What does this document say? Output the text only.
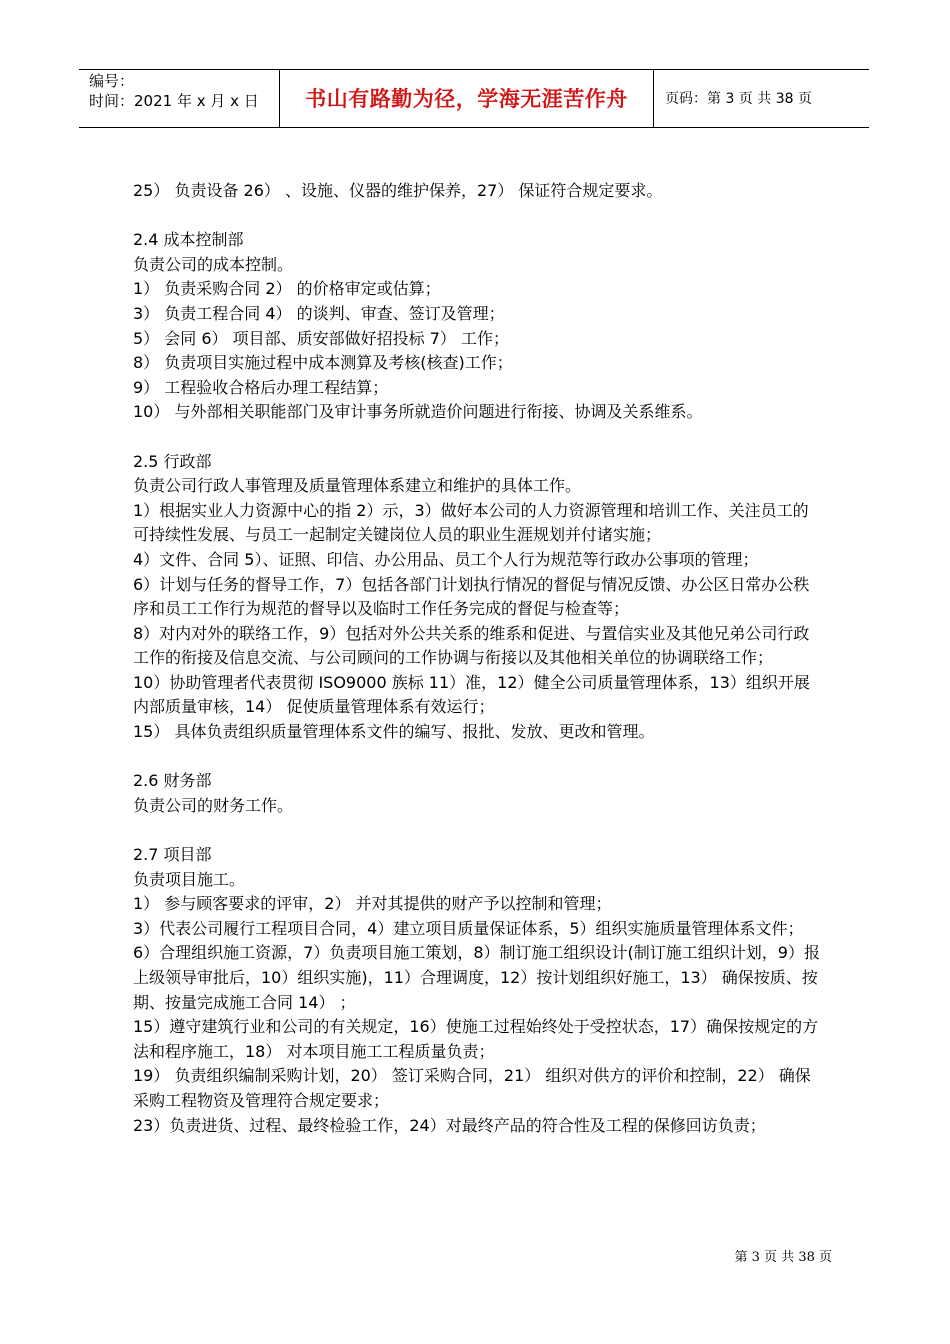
编号：
时间：2021 年 x 月 x 日	书山有路勤为径，学海无涯苦作舟	页码：第 3 页 共 38 页

25） 负责设备 26） 、设施、仪器的维护保养，27） 保证符合规定要求。

2.4 成本控制部

负责公司的成本控制。

1） 负责采购合同 2） 的价格审定或估算；

3） 负责工程合同 4） 的谈判、审查、签订及管理；

5） 会同 6） 项目部、质安部做好招投标 7） 工作；

8） 负责项目实施过程中成本测算及考核(核查)工作；

9） 工程验收合格后办理工程结算；

10） 与外部相关职能部门及审计事务所就造价问题进行衔接、协调及关系维系。

2.5 行政部

负责公司行政人事管理及质量管理体系建立和维护的具体工作。

1）根据实业人力资源中心的指 2）示，3）做好本公司的人力资源管理和培训工作、关注员工的可持续性发展、与员工一起制定关键岗位人员的职业生涯规划并付诸实施；

4）文件、合同 5）、证照、印信、办公用品、员工个人行为规范等行政办公事项的管理；

6）计划与任务的督导工作，7）包括各部门计划执行情况的督促与情况反馈、办公区日常办公秩序和员工工作行为规范的督导以及临时工作任务完成的督促与检查等；

8）对内对外的联络工作，9）包括对外公共关系的维系和促进、与置信实业及其他兄弟公司行政工作的衔接及信息交流、与公司顾问的工作协调与衔接以及其他相关单位的协调联络工作；

10）协助管理者代表贯彻 ISO9000 族标 11）准，12）健全公司质量管理体系，13）组织开展内部质量审核，14） 促使质量管理体系有效运行；

15） 具体负责组织质量管理体系文件的编写、报批、发放、更改和管理。

2.6 财务部

负责公司的财务工作。

2.7 项目部

负责项目施工。

1） 参与顾客要求的评审，2） 并对其提供的财产予以控制和管理；

3）代表公司履行工程项目合同，4）建立项目质量保证体系，5）组织实施质量管理体系文件；

6）合理组织施工资源，7）负责项目施工策划，8）制订施工组织设计(制订施工组织计划，9）报上级领导审批后，10）组织实施)，11）合理调度，12）按计划组织好施工，13） 确保按质、按期、按量完成施工合同 14） ；

15）遵守建筑行业和公司的有关规定，16）使施工过程始终处于受控状态，17）确保按规定的方法和程序施工，18） 对本项目施工工程质量负责；

19） 负责组织编制采购计划，20） 签订采购合同，21） 组织对供方的评价和控制，22） 确保采购工程物资及管理符合规定要求；

23）负责进货、过程、最终检验工作，24）对最终产品的符合性及工程的保修回访负责；

第 3 页 共 38 页
